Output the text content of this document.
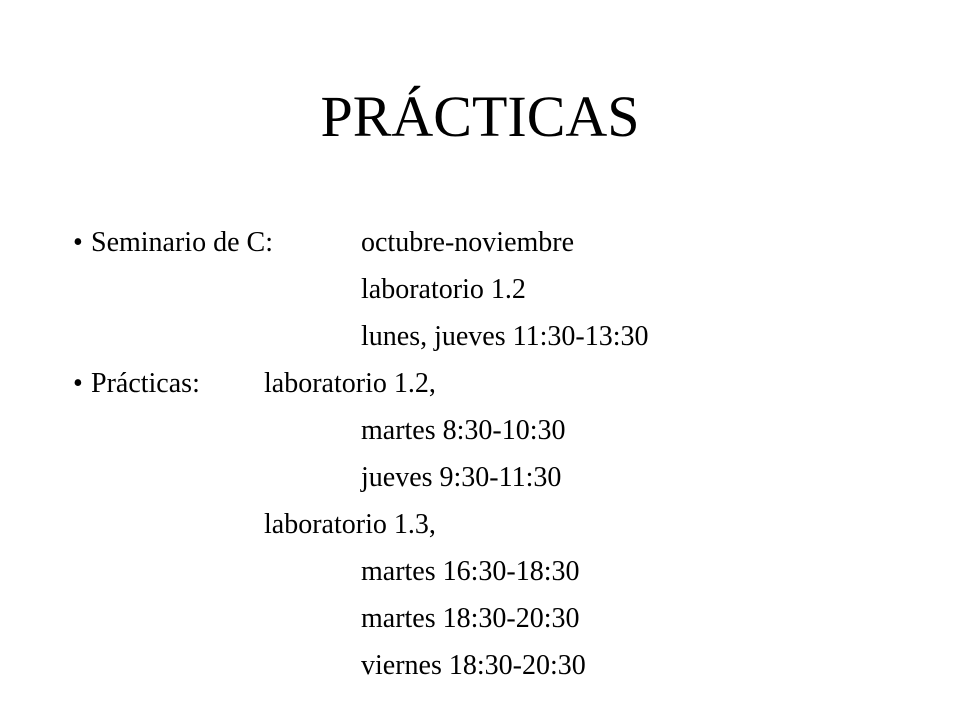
PRÁCTICAS
• Seminario de C:	octubre-noviembre
laboratorio 1.2
lunes, jueves 11:30-13:30
• Prácticas: laboratorio 1.2,
martes 8:30-10:30
jueves 9:30-11:30
laboratorio 1.3,
martes 16:30-18:30
martes 18:30-20:30
viernes 18:30-20:30
